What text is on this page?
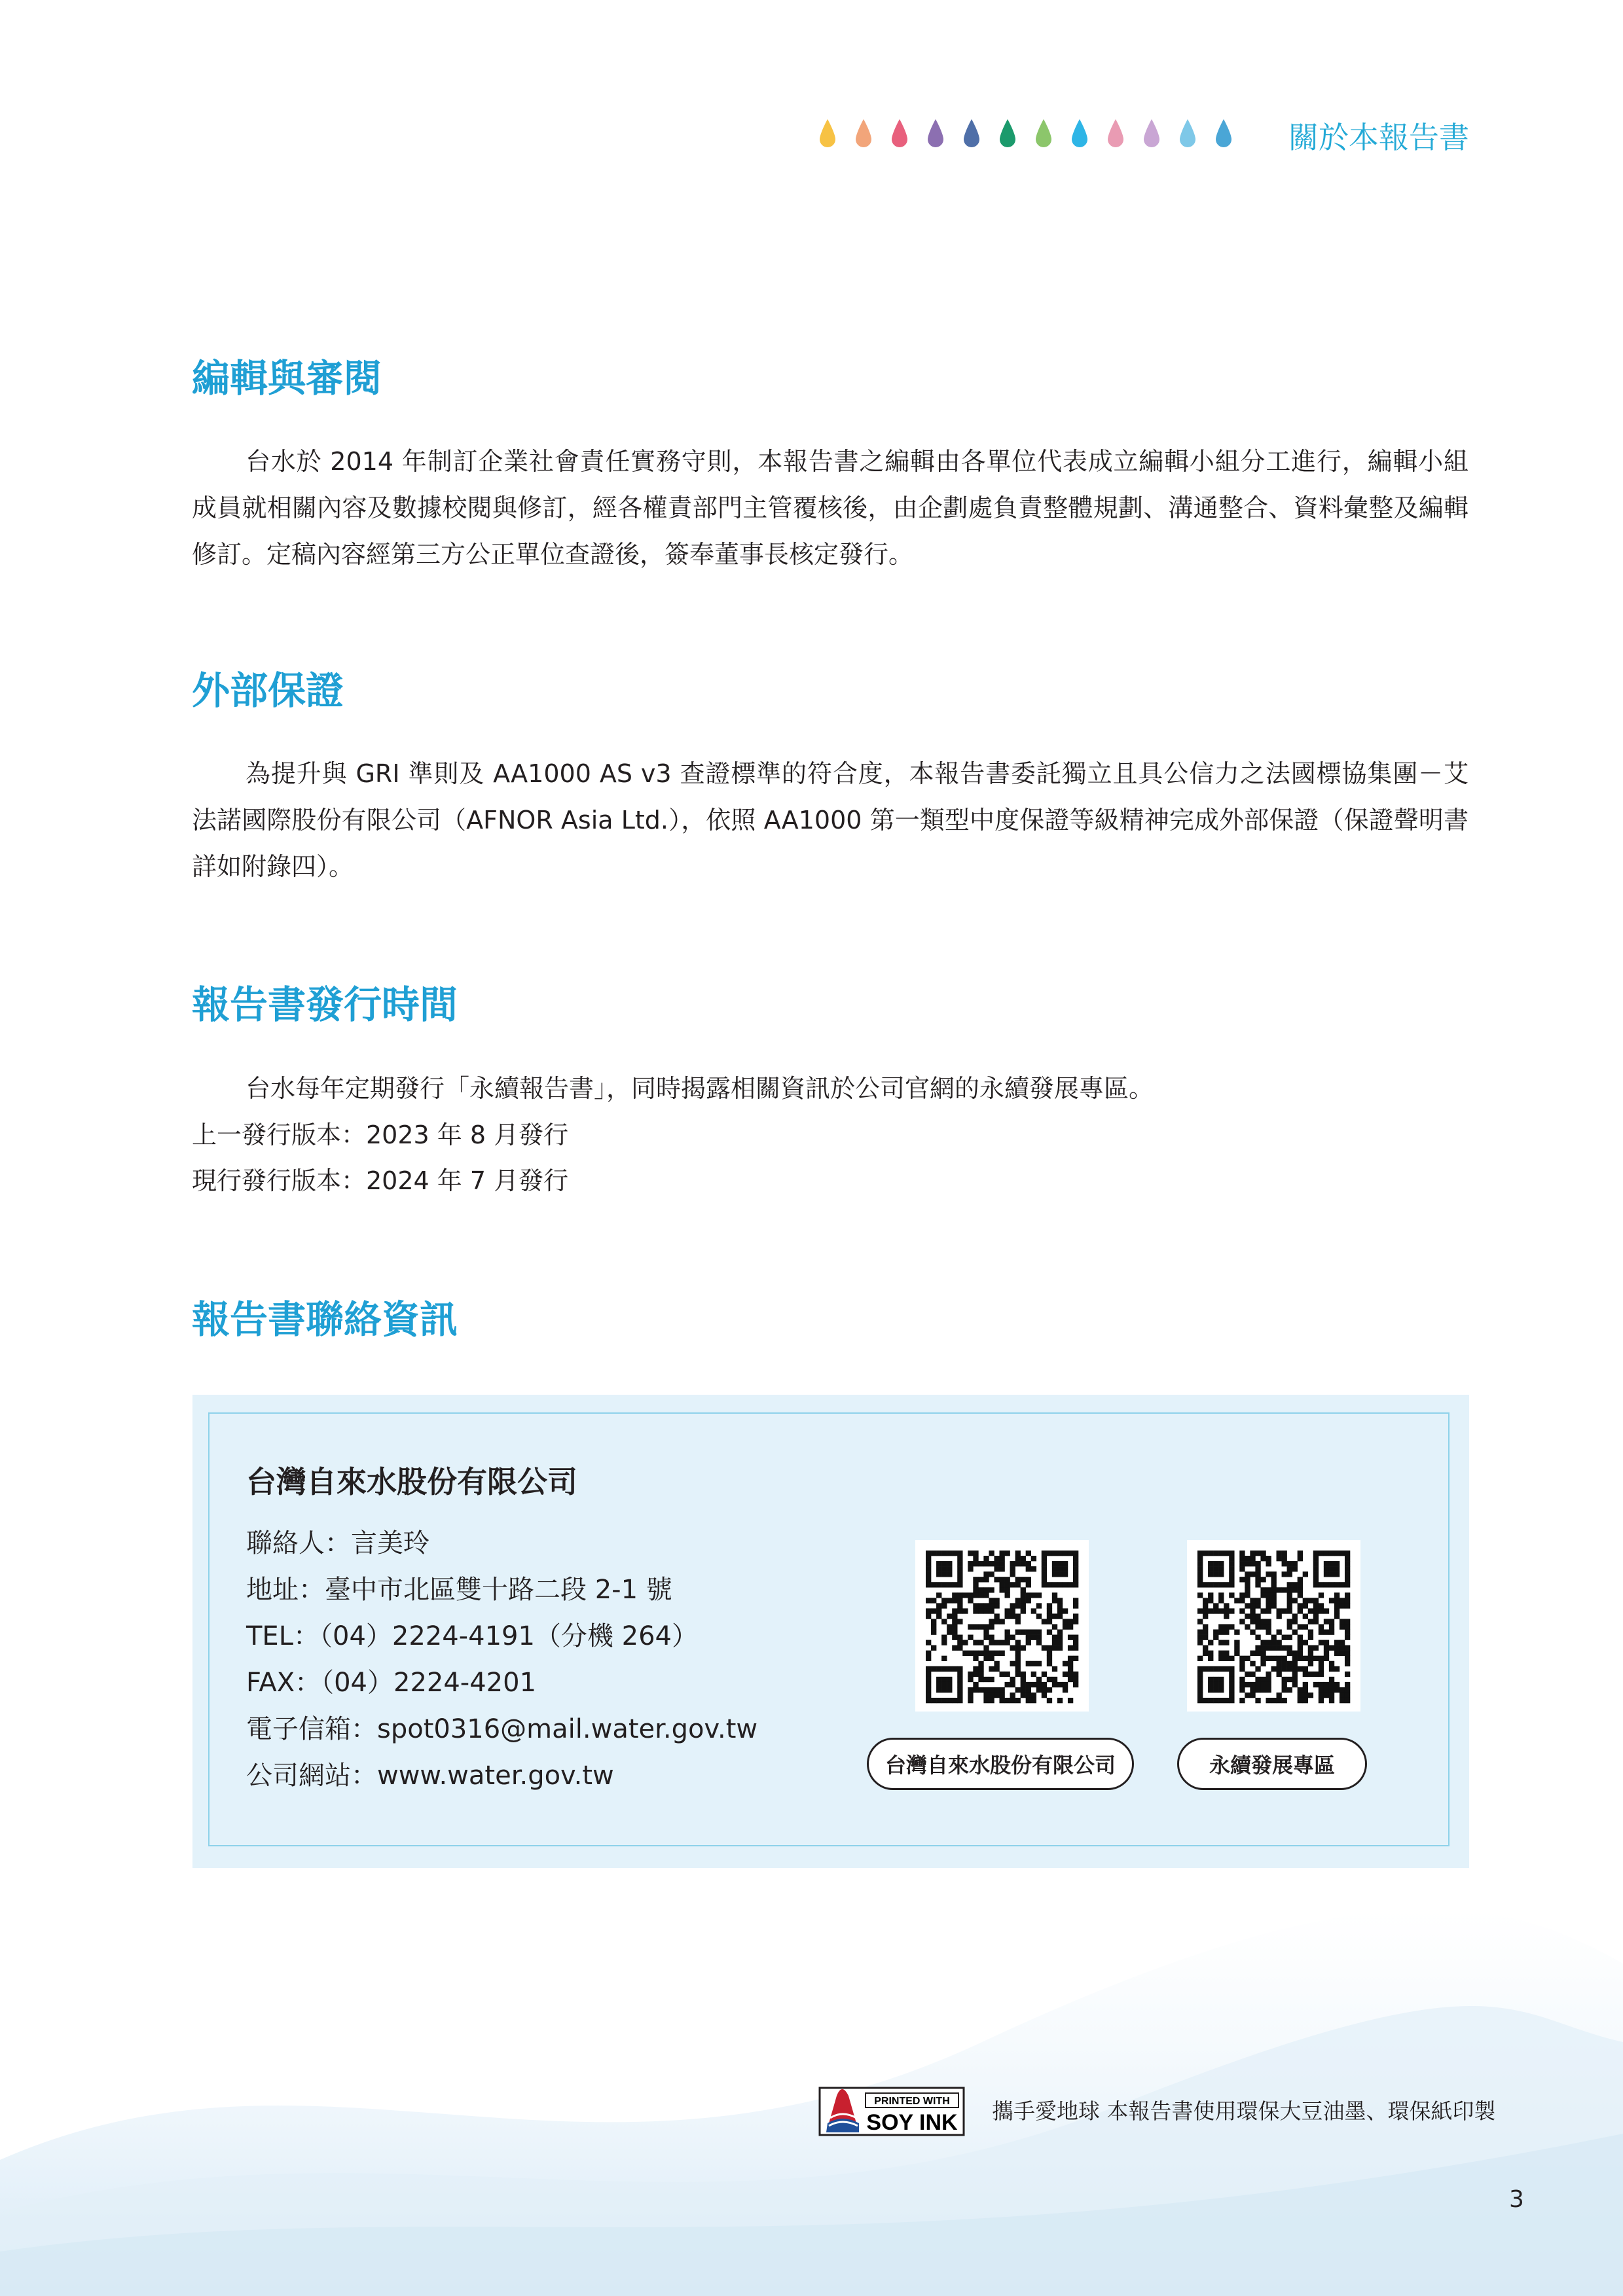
關於本報告書
編輯與審閱

台水於 2014 年制訂企業社會責任實務守則，本報告書之編輯由各單位代表成立編輯小組分工進行，編輯小組成員就相關內容及數據校閱與修訂，經各權責部門主管覆核後，由企劃處負責整體規劃、溝通整合、資料彙整及編輯修訂。定稿內容經第三方公正單位查證後，簽奉董事長核定發行。

外部保證

為提升與 GRI 準則及 AA1000 AS v3 查證標準的符合度，本報告書委託獨立且具公信力之法國標協集團－艾法諾國際股份有限公司（AFNOR Asia Ltd.），依照 AA1000 第一類型中度保證等級精神完成外部保證（保證聲明書詳如附錄四）。

報告書發行時間

台水每年定期發行「永續報告書」，同時揭露相關資訊於公司官網的永續發展專區。

上一發行版本：2023 年 8 月發行

現行發行版本：2024 年 7 月發行

報告書聯絡資訊

台灣自來水股份有限公司

聯絡人：言美玲

地址：臺中市北區雙十路二段 2-1 號

TEL：（04）2224-4191（分機 264）

FAX：（04）2224-4201

電子信箱：spot0316@mail.water.gov.tw

公司網站：www.water.gov.tw	台灣自來水股份有限公司	永續發展專區
PRINTED WITH
SOY INK 攜手愛地球 本報告書使用環保大豆油墨、環保紙印製

3
